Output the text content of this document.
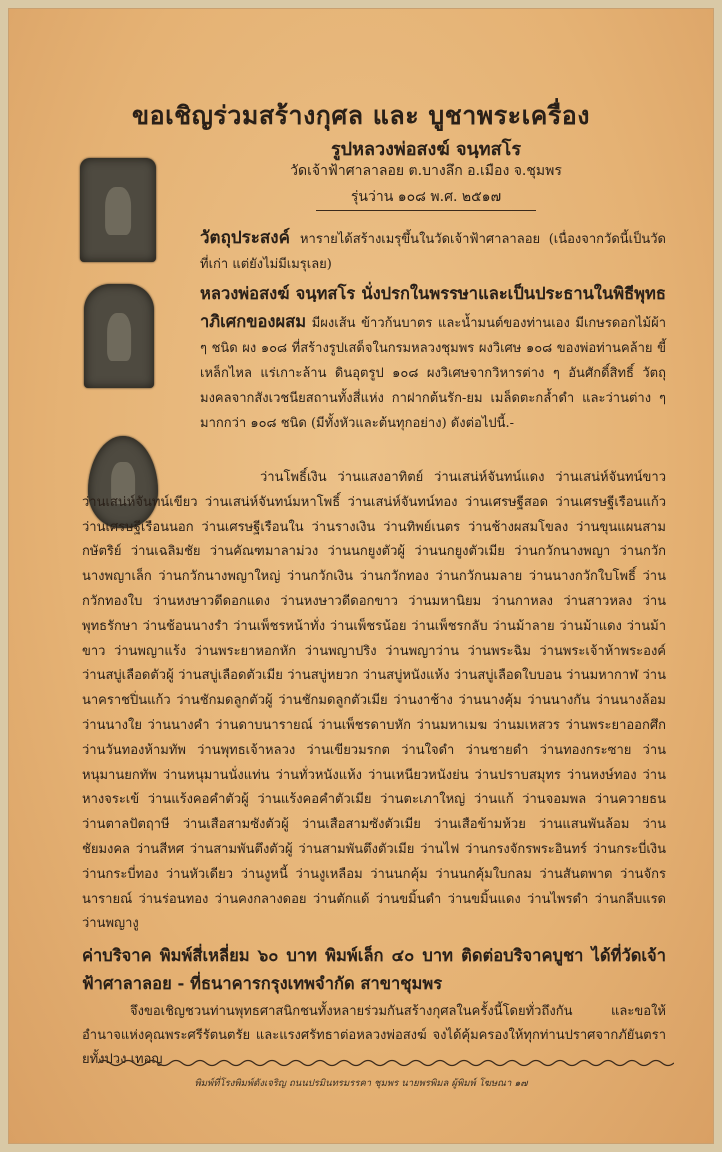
ขอเชิญร่วมสร้างกุศล และ บูชาพระเครื่อง
รูปหลวงพ่อสงฆ์ จนฺทสโร
วัดเจ้าฟ้าศาลาลอย ต.บางลึก อ.เมือง จ.ชุมพร
รุ่นว่าน ๑๐๘ พ.ศ. ๒๕๑๗
วัตถุประสงค์ หารายได้สร้างเมรุขึ้นในวัดเจ้าฟ้าศาลาลอย (เนื่องจากวัดนี้เป็นวัดที่เก่า แต่ยังไม่มีเมรุเลย)
หลวงพ่อสงฆ์ จนฺทสโร นั่งปรกในพรรษาและเป็นประธานในพิธีพุทธาภิเศกของผสม มีผงเส้น ข้าวก้นบาตร และน้ำมนต์ของท่านเอง มีเกษรดอกไม้ผ้า ๆ ชนิด ผง ๑๐๘ ที่สร้างรูปเสด็จในกรมหลวงชุมพร ผงวิเศษ ๑๐๘ ของพ่อท่านคล้าย ขี้เหล็กไหล แร่เกาะล้าน ดินอุตรูป ๑๐๘ ผงวิเศษจากวิหารต่าง ๆ อันศักดิ์สิทธิ์ วัตถุมงคลจากสังเวชนียสถานทั้งสี่แห่ง กาฝากต้นรัก-ยม เมล็ดตะกล้ำดำ และว่านต่าง ๆ มากกว่า ๑๐๘ ชนิด (มีทั้งหัวและต้นทุกอย่าง) ดังต่อไปนี้.-
ว่านโพธิ์เงิน ว่านแสงอาทิตย์ ว่านเสน่ห์จันทน์แดง ว่านเสน่ห์จันทน์ขาว ว่านเสน่ห์จันทน์เขียว ว่านเสน่ห์จันทน์มหาโพธิ์ ว่านเสน่ห์จันทน์ทอง ว่านเศรษฐีสอด ว่านเศรษฐีเรือนแก้ว ว่านเศรษฐีเรือนนอก ว่านเศรษฐีเรือนใน ว่านรางเงิน ว่านทิพย์เนตร ว่านช้างผสมโขลง ว่านขุนแผนสามกษัตริย์ ว่านเฉลิมชัย ว่านคัณฑมาลาม่วง ว่านนกยูงตัวผู้ ว่านนกยูงตัวเมีย ว่านกวักนางพญา ว่านกวักนางพญาเล็ก ว่านกวักนางพญาใหญ่ ว่านกวักเงิน ว่านกวักทอง ว่านกวักนมลาย ว่านนางกวักใบโพธิ์ ว่านกวักทองใบ ว่านหงษาวดีดอกแดง ว่านหงษาวดีดอกขาว ว่านมหานิยม ว่านกาหลง ว่านสาวหลง ว่านพุทธรักษา ว่านช้อนนางรำ ว่านเพ็ชรหน้าทั่ง ว่านเพ็ชรน้อย ว่านเพ็ชรกลับ ว่านม้าลาย ว่านม้าแดง ว่านม้าขาว ว่านพญาแร้ง ว่านพระยาหอกหัก ว่านพญาปริง ว่านพญาว่าน ว่านพระฉิม ว่านพระเจ้าห้าพระองค์ ว่านสบู่เลือดตัวผู้ ว่านสบู่เลือดตัวเมีย ว่านสบู่หยวก ว่านสบู่หนังแห้ง ว่านสบู่เลือดใบบอน ว่านมหากาฬ ว่านนาคราชปิ่นแก้ว ว่านชักมดลูกตัวผู้ ว่านชักมดลูกตัวเมีย ว่านงาช้าง ว่านนางคุ้ม ว่านนางกัน ว่านนางล้อม ว่านนางใย ว่านนางคำ ว่านดาบนารายณ์ ว่านเพ็ชรดาบหัก ว่านมหาเมฆ ว่านมเหสวร ว่านพระยาออกศึก ว่านวันทองห้ามทัพ ว่านพุทธเจ้าหลวง ว่านเขียวมรกต ว่านใจดำ ว่านชายดำ ว่านทองกระซาย ว่านหนุมานยกทัพ ว่านหนุมานนั่งแท่น ว่านทั่วหนังแห้ง ว่านเหนียวหนังย่น ว่านปราบสมุทร ว่านหงษ์ทอง ว่านหางจระเข้ ว่านแร้งคอคำตัวผู้ ว่านแร้งคอคำตัวเมีย ว่านตะเภาใหญ่ ว่านแก้ ว่านจอมพล ว่านควายธน ว่านตาลปัตฤาษี ว่านเสือสามซังตัวผู้ ว่านเสือสามซังตัวเมีย ว่านเสือข้ามห้วย ว่านแสนพันล้อม ว่านชัยมงคล ว่านสีหศ ว่านสามพันตึงตัวผู้ ว่านสามพันตึงตัวเมีย ว่านไฟ ว่านกรงจักรพระอินทร์ ว่านกระบี่เงิน ว่านกระบี่ทอง ว่านหัวเดียว ว่านงูหนี้ ว่านงูเหลือม ว่านนกคุ้ม ว่านนกคุ้มใบกลม ว่านสันตพาต ว่านจักรนารายณ์ ว่านร่อนทอง ว่านคงกลางดอย ว่านตักแด้ ว่านขมิ้นดำ ว่านขมิ้นแดง ว่านไพรดำ ว่านกลีบแรด ว่านพญางู
ค่าบริจาค พิมพ์สี่เหลี่ยม ๖๐ บาท พิมพ์เล็ก ๔๐ บาท ติดต่อบริจาคบูชา ได้ที่วัดเจ้าฟ้าศาลาลอย - ที่ธนาคารกรุงเทพจำกัด สาขาชุมพร
จึงขอเชิญชวนท่านพุทธศาสนิกชนทั้งหลายร่วมกันสร้างกุศลในครั้งนี้โดยทั่วถึงกัน และขอให้อำนาจแห่งคุณพระศรีรัตนตรัย และแรงศรัทธาต่อหลวงพ่อสงฆ์ จงได้คุ้มครองให้ทุกท่านปราศจากภัยันตรายทั้งปวง เทอญ
พิมพ์ที่โรงพิมพ์ดังเจริญ ถนนปรมินทรมรรคา ชุมพร นายพรพิมล ผู้พิมพ์ โฆษณา ๑๗
